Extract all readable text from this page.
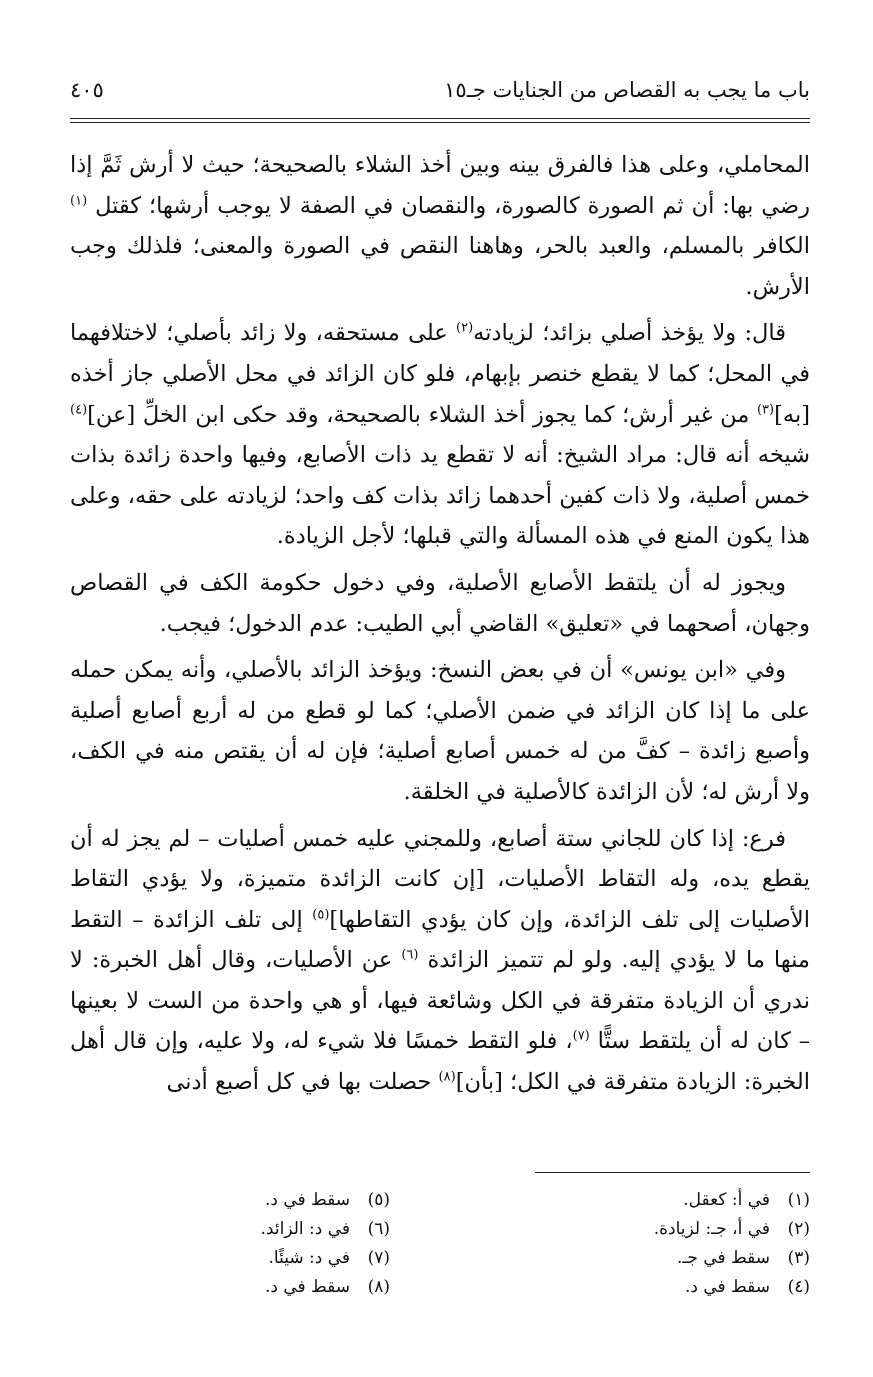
باب ما يجب به القصاص من الجنايات جـ١٥
٤٠٥

المحاملي، وعلى هذا فالفرق بينه وبين أخذ الشلاء بالصحيحة؛ حيث لا أرش ثَمَّ إذا رضي بها: أن ثم الصورة كالصورة، والنقصان في الصفة لا يوجب أرشها؛ كقتل $^{(١)}$ الكافر بالمسلم، والعبد بالحر، وهاهنا النقص في الصورة والمعنى؛ فلذلك وجب الأرش.

قال: ولا يؤخذ أصلي بزائد؛ لزيادته$^{(٢)}$ على مستحقه، ولا زائد بأصلي؛ لاختلافهما في المحل؛ كما لا يقطع خنصر بإبهام، فلو كان الزائد في محل الأصلي جاز أخذه [به]$^{(٣)}$ من غير أرش؛ كما يجوز أخذ الشلاء بالصحيحة، وقد حكى ابن الخلِّ [عن]$^{(٤)}$ شيخه أنه قال: مراد الشيخ: أنه لا تقطع يد ذات الأصابع، وفيها واحدة زائدة بذات خمس أصلية، ولا ذات كفين أحدهما زائد بذات كف واحد؛ لزيادته على حقه، وعلى هذا يكون المنع في هذه المسألة والتي قبلها؛ لأجل الزيادة.

ويجوز له أن يلتقط الأصابع الأصلية، وفي دخول حكومة الكف في القصاص وجهان، أصحهما في «تعليق» القاضي أبي الطيب: عدم الدخول؛ فيجب.

وفي «ابن يونس» أن في بعض النسخ: ويؤخذ الزائد بالأصلي، وأنه يمكن حمله على ما إذا كان الزائد في ضمن الأصلي؛ كما لو قطع من له أربع أصابع أصلية وأصبع زائدة – كفَّ من له خمس أصابع أصلية؛ فإن له أن يقتص منه في الكف، ولا أرش له؛ لأن الزائدة كالأصلية في الخلقة.

فرع: إذا كان للجاني ستة أصابع، وللمجني عليه خمس أصليات – لم يجز له أن يقطع يده، وله التقاط الأصليات، [إن كانت الزائدة متميزة، ولا يؤدي التقاط الأصليات إلى تلف الزائدة، وإن كان يؤدي التقاطها]$^{(٥)}$ إلى تلف الزائدة – التقط منها ما لا يؤدي إليه. ولو لم تتميز الزائدة $^{(٦)}$ عن الأصليات، وقال أهل الخبرة: لا ندري أن الزيادة متفرقة في الكل وشائعة فيها، أو هي واحدة من الست لا بعينها – كان له أن يلتقط ستًّا $^{(٧)}$، فلو التقط خمسًا فلا شيء له، ولا عليه، وإن قال أهل الخبرة: الزيادة متفرقة في الكل؛ [بأن]$^{(٨)}$ حصلت بها في كل أصبع أدنى

(١)في أ: كعقل.
(٢)في أ، جـ: لزيادة.
(٣)سقط في جـ.
(٤)سقط في د.
(٥)سقط في د.
(٦)في د: الزائد.
(٧)في د: شيئًا.
(٨)سقط في د.
